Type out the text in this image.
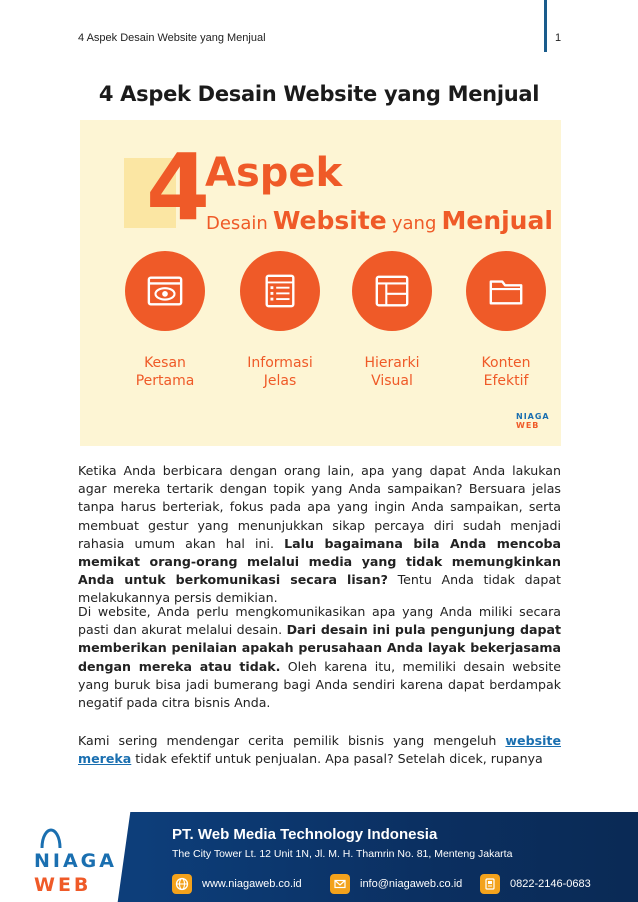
4 Aspek Desain Website yang Menjual	1
4 Aspek Desain Website yang Menjual
4
Aspek
Desain Website yang Menjual
Kesan
Pertama
Informasi
Jelas
Hierarki
Visual
Konten
Efektif
NIAGA
WEB
Ketika Anda berbicara dengan orang lain, apa yang dapat Anda lakukan agar mereka tertarik dengan topik yang Anda sampaikan? Bersuara jelas tanpa harus berteriak, fokus pada apa yang ingin Anda sampaikan, serta membuat gestur yang menunjukkan sikap percaya diri sudah menjadi rahasia umum akan hal ini. Lalu bagaimana bila Anda mencoba memikat orang-orang melalui media yang tidak memungkinkan Anda untuk berkomunikasi secara lisan? Tentu Anda tidak dapat melakukannya persis demikian.
Di website, Anda perlu mengkomunikasikan apa yang Anda miliki secara pasti dan akurat melalui desain. Dari desain ini pula pengunjung dapat memberikan penilaian apakah perusahaan Anda layak bekerjasama dengan mereka atau tidak. Oleh karena itu, memiliki desain website yang buruk bisa jadi bumerang bagi Anda sendiri karena dapat berdampak negatif pada citra bisnis Anda.
Kami sering mendengar cerita pemilik bisnis yang mengeluh website mereka tidak efektif untuk penjualan. Apa pasal? Setelah dicek, rupanya
NIAGA
WEB
PT. Web Media Technology Indonesia
The City Tower Lt. 12 Unit 1N, Jl. M. H. Thamrin No. 81, Menteng Jakarta
www.niagaweb.co.id	info@niagaweb.co.id	0822-2146-0683
